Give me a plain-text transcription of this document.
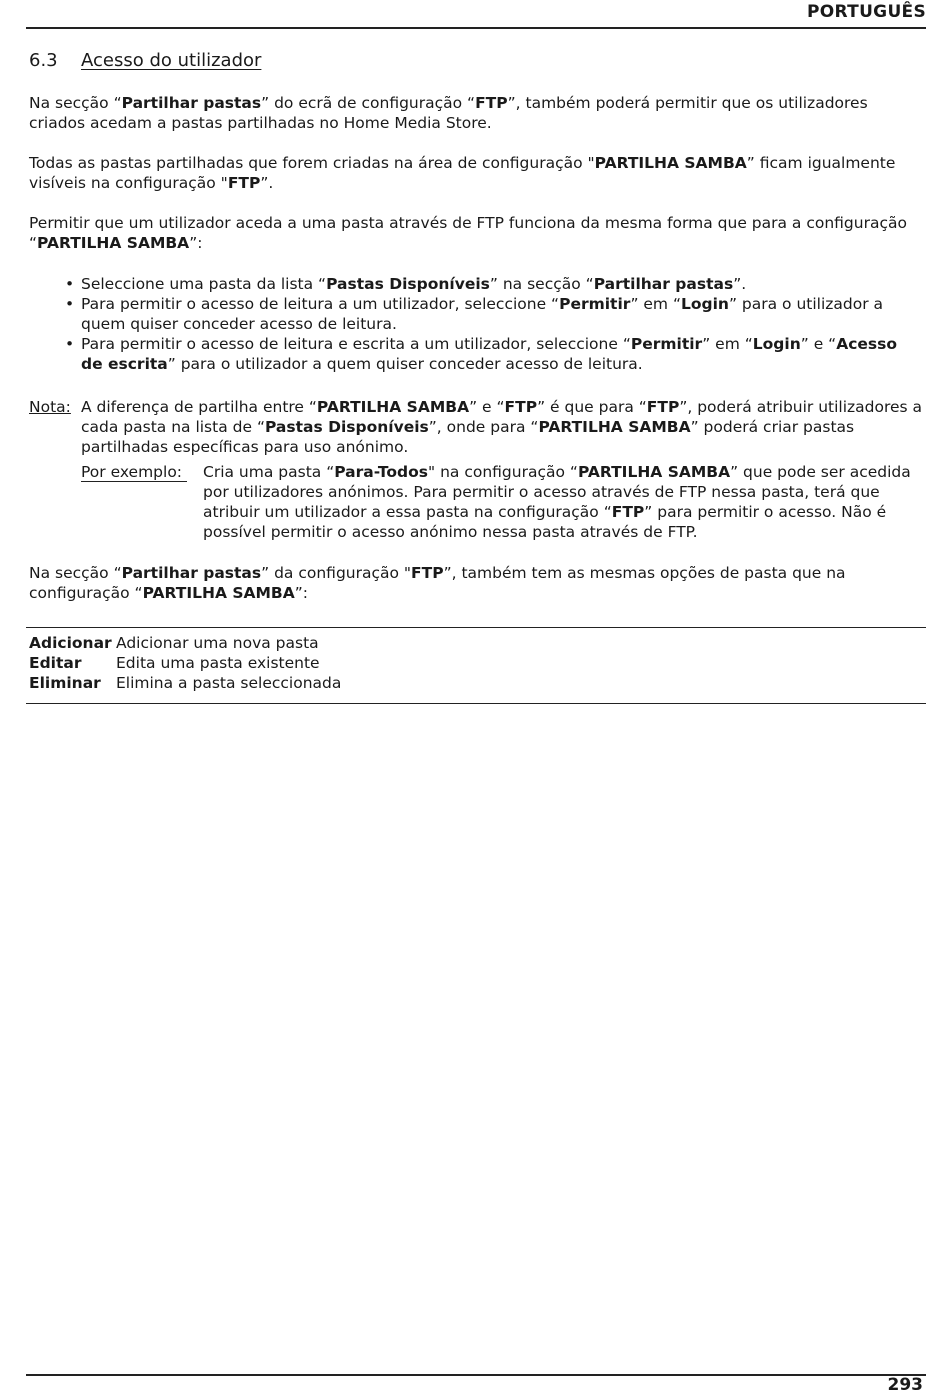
PORTUGUÊS
6.3 Acesso do utilizador

Na secção “Partilhar pastas” do ecrã de configuração “FTP”, também poderá permitir que os utilizadores criados acedam a pastas partilhadas no Home Media Store.

Todas as pastas partilhadas que forem criadas na área de configuração "PARTILHA SAMBA” ficam igualmente visíveis na configuração "FTP”.

Permitir que um utilizador aceda a uma pasta através de FTP funciona da mesma forma que para a configuração “PARTILHA SAMBA”:

• Seleccione uma pasta da lista “Pastas Disponíveis” na secção “Partilhar pastas”.
• Para permitir o acesso de leitura a um utilizador, seleccione “Permitir” em “Login” para o utilizador a quem quiser conceder acesso de leitura.
• Para permitir o acesso de leitura e escrita a um utilizador, seleccione “Permitir” em “Login” e “Acesso de escrita” para o utilizador a quem quiser conceder acesso de leitura.
Nota: A diferença de partilha entre “PARTILHA SAMBA” e “FTP” é que para “FTP”, poderá atribuir utilizadores a cada pasta na lista de “Pastas Disponíveis”, onde para “PARTILHA SAMBA” poderá criar pastas partilhadas específicas para uso anónimo.
Por exemplo:	Cria uma pasta “Para-Todos" na configuração “PARTILHA SAMBA” que pode ser acedida por utilizadores anónimos. Para permitir o acesso através de FTP nessa pasta, terá que atribuir um utilizador a essa pasta na configuração “FTP” para permitir o acesso. Não é possível permitir o acesso anónimo nessa pasta através de FTP.

Na secção “Partilhar pastas” da configuração "FTP”, também tem as mesmas opções de pasta que na configuração “PARTILHA SAMBA”:

Adicionar	Adicionar uma nova pasta
Editar	Edita uma pasta existente
Eliminar	Elimina a pasta seleccionada
293
